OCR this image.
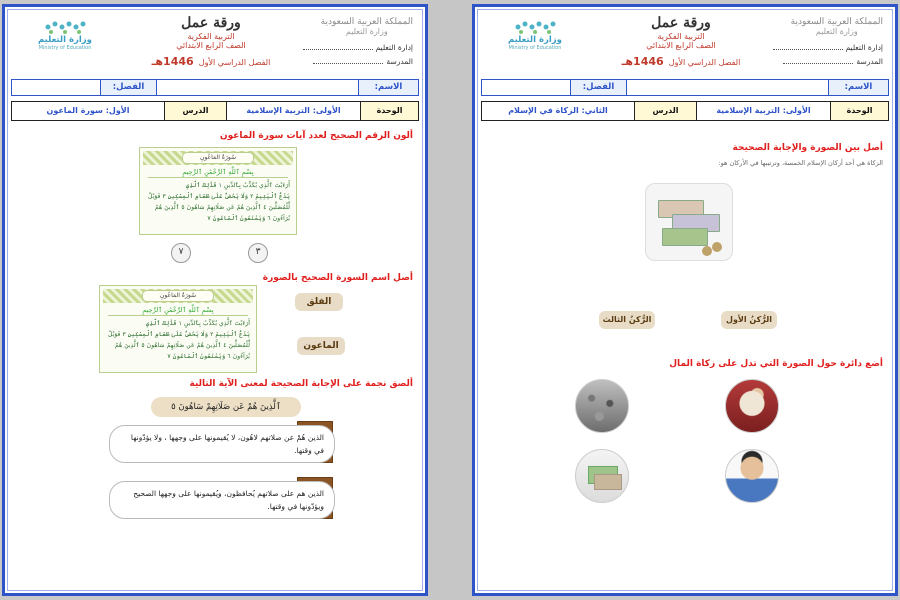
المملكة العربية السعودية
وزارة التعليم
إدارة التعليم
المدرسة
ورقة عمل
التربية الفكرية
الصف الرابع الابتدائي
الفصل الدراسي الأول 1446هـ
وزارة التعليم
Ministry of Education
الاسم:
الفصل:
الوحدة
الأولى: التربية الإسلامية
الدرس
الأول: سورة الماعون
ألون الرقم الصحيح لعدد آيات سورة الماعون
سُورَةُ المَاعُونِ
بِسْمِ ٱللَّهِ ٱلرَّحْمَٰنِ ٱلرَّحِيمِ
أَرَءَيْتَ ٱلَّذِي يُكَذِّبُ بِٱلدِّينِ ١ فَذَٰلِكَ ٱلَّذِي
يَدُعُّ ٱلْيَتِيمَ ٢ وَلَا يَحُضُّ عَلَىٰ طَعَامِ ٱلْمِسْكِينِ ٣ فَوَيْلٌ
لِّلْمُصَلِّينَ ٤ ٱلَّذِينَ هُمْ عَن صَلَاتِهِمْ سَاهُونَ ٥ ٱلَّذِينَ هُمْ
يُرَآءُونَ ٦ وَيَمْنَعُونَ ٱلْمَاعُونَ ٧
٣
٧
أصل اسم السورة الصحيح بالصورة
سُورَةُ المَاعُونِ
بِسْمِ ٱللَّهِ ٱلرَّحْمَٰنِ ٱلرَّحِيمِ
أَرَءَيْتَ ٱلَّذِي يُكَذِّبُ بِٱلدِّينِ ١ فَذَٰلِكَ ٱلَّذِي
يَدُعُّ ٱلْيَتِيمَ ٢ وَلَا يَحُضُّ عَلَىٰ طَعَامِ ٱلْمِسْكِينِ ٣ فَوَيْلٌ
لِّلْمُصَلِّينَ ٤ ٱلَّذِينَ هُمْ عَن صَلَاتِهِمْ سَاهُونَ ٥ ٱلَّذِينَ هُمْ
يُرَآءُونَ ٦ وَيَمْنَعُونَ ٱلْمَاعُونَ ٧
الفلق
الماعون
ألصق نجمة على الإجابة الصحيحة لمعنى الآية التالية
ٱلَّذِينَ هُمْ عَن صَلَاتِهِمْ سَاهُونَ ٥
الذين هُمْ عن صلاتهم لاهُون، لا يُقيمونها على وجهها ، ولا يؤدّونها في وقتها.
الذين هم على صلاتهم يُحافظون، ويُقيمونها على وجهها الصحيح ويؤدّونها في وقتها.
المملكة العربية السعودية
وزارة التعليم
إدارة التعليم
المدرسة
ورقة عمل
التربية الفكرية
الصف الرابع الابتدائي
الفصل الدراسي الأول 1446هـ
وزارة التعليم
Ministry of Education
الاسم:
الفصل:
الوحدة
الأولى: التربية الإسلامية
الدرس
الثاني: الزكاة في الإسلام
أصل بين الصورة والإجابة الصحيحة
الزكاة هي أحد أركان الإسلام الخمسة، وترتيبها في الأركان هو:
الرُّكنُ الثالث	الرُّكنُ الأول
أضع دائرة حول الصورة التي تدل على زكاة المال
